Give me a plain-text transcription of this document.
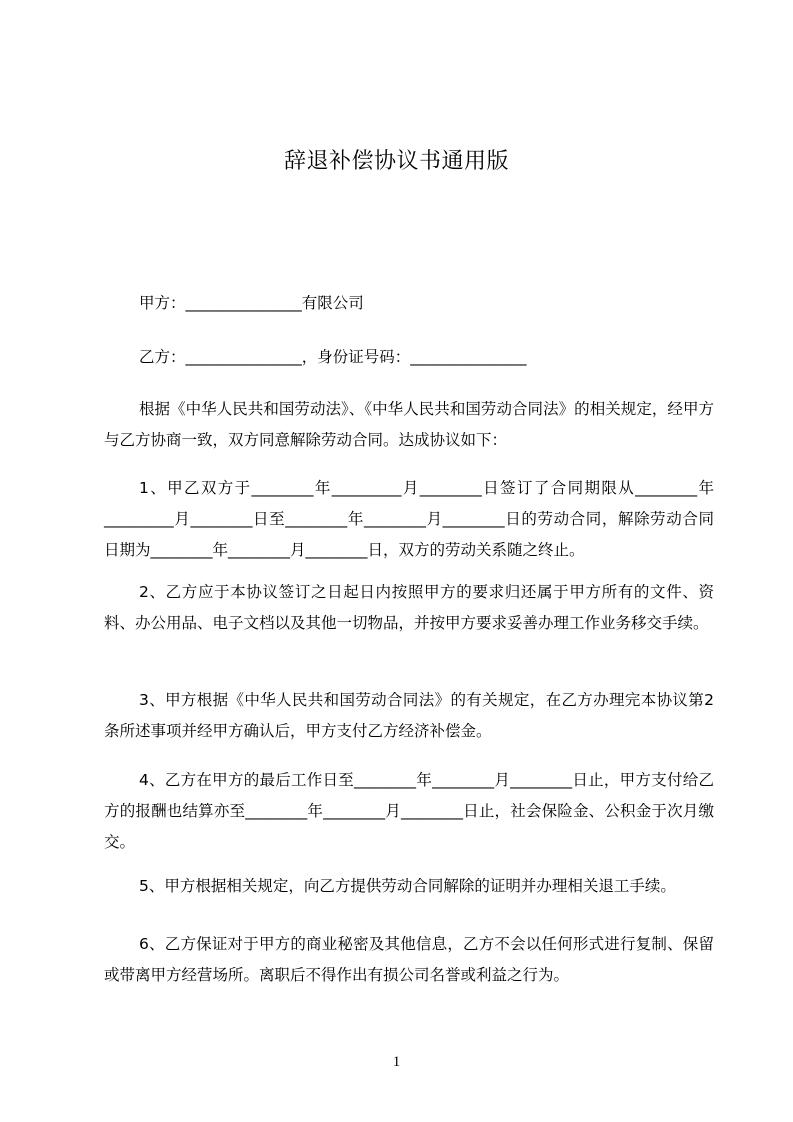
辞退补偿协议书通用版
甲方：_______________有限公司
乙方：_______________，身份证号码：_______________
根据《中华人民共和国劳动法》、《中华人民共和国劳动合同法》的相关规定，经甲方与乙方协商一致，双方同意解除劳动合同。达成协议如下：
1、甲乙双方于________年_________月________日签订了合同期限从________年_________月________日至________年________月________日的劳动合同，解除劳动合同日期为________年________月________日，双方的劳动关系随之终止。
2、乙方应于本协议签订之日起日内按照甲方的要求归还属于甲方所有的文件、资料、办公用品、电子文档以及其他一切物品，并按甲方要求妥善办理工作业务移交手续。
3、甲方根据《中华人民共和国劳动合同法》的有关规定，在乙方办理完本协议第2条所述事项并经甲方确认后，甲方支付乙方经济补偿金。
4、乙方在甲方的最后工作日至________年________月________日止，甲方支付给乙方的报酬也结算亦至________年________月________日止，社会保险金、公积金于次月缴交。
5、甲方根据相关规定，向乙方提供劳动合同解除的证明并办理相关退工手续。
6、乙方保证对于甲方的商业秘密及其他信息，乙方不会以任何形式进行复制、保留或带离甲方经营场所。离职后不得作出有损公司名誉或利益之行为。
1
